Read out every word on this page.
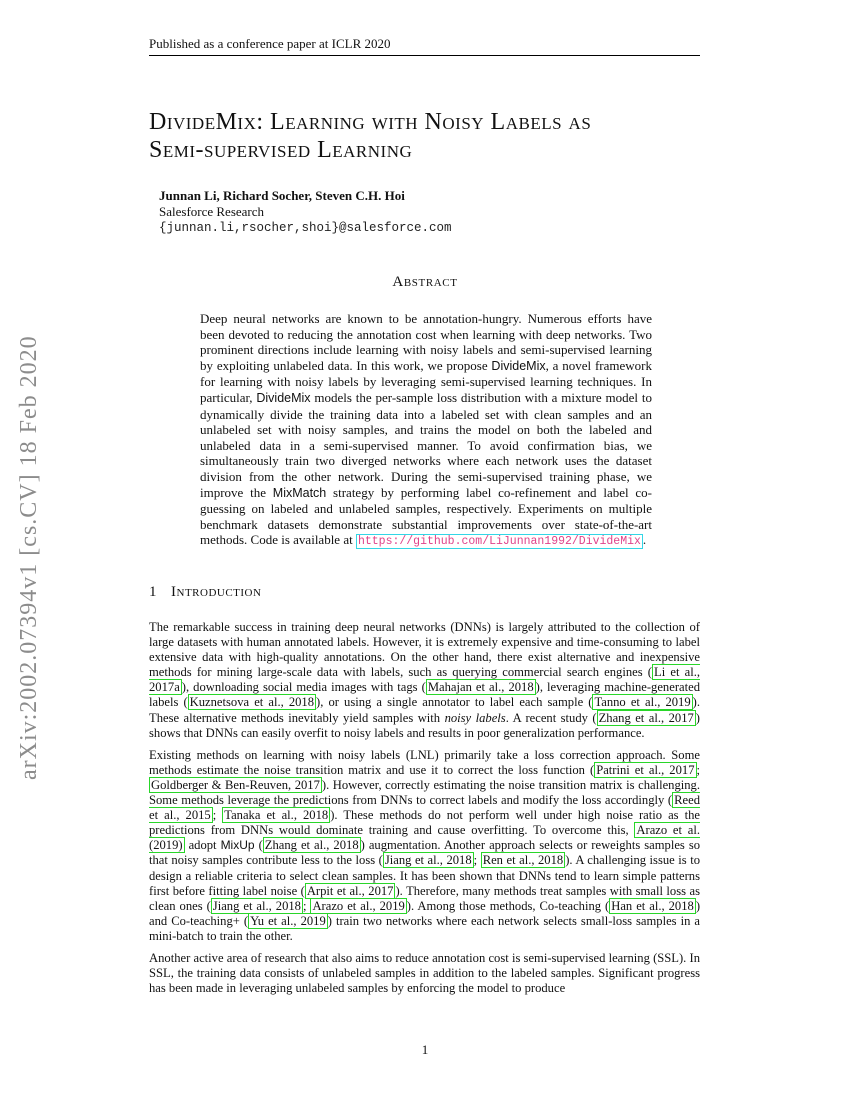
Published as a conference paper at ICLR 2020
arXiv:2002.07394v1 [cs.CV] 18 Feb 2020
DivideMix: Learning with Noisy Labels as
Semi-supervised Learning
Junnan Li, Richard Socher, Steven C.H. Hoi
Salesforce Research
{junnan.li,rsocher,shoi}@salesforce.com
Abstract
Deep neural networks are known to be annotation-hungry. Numerous efforts have been devoted to reducing the annotation cost when learning with deep networks. Two prominent directions include learning with noisy labels and semi-supervised learning by exploiting unlabeled data. In this work, we propose DivideMix, a novel framework for learning with noisy labels by leveraging semi-supervised learning techniques. In particular, DivideMix models the per-sample loss distribution with a mixture model to dynamically divide the training data into a labeled set with clean samples and an unlabeled set with noisy samples, and trains the model on both the labeled and unlabeled data in a semi-supervised manner. To avoid confirmation bias, we simultaneously train two diverged networks where each network uses the dataset division from the other network. During the semi-supervised training phase, we improve the MixMatch strategy by performing label co-refinement and label co-guessing on labeled and unlabeled samples, respectively. Experiments on multiple benchmark datasets demonstrate substantial improvements over state-of-the-art methods. Code is available at https://github.com/LiJunnan1992/DivideMix .
1 Introduction

The remarkable success in training deep neural networks (DNNs) is largely attributed to the collection of large datasets with human annotated labels. However, it is extremely expensive and time-consuming to label extensive data with high-quality annotations. On the other hand, there exist alternative and inexpensive methods for mining large-scale data with labels, such as querying commercial search engines ( Li et al., 2017a ), downloading social media images with tags ( Mahajan et al., 2018 ), leveraging machine-generated labels ( Kuznetsova et al., 2018 ), or using a single annotator to label each sample ( Tanno et al., 2019 ). These alternative methods inevitably yield samples with noisy labels. A recent study ( Zhang et al., 2017 ) shows that DNNs can easily overfit to noisy labels and results in poor generalization performance.

Existing methods on learning with noisy labels (LNL) primarily take a loss correction approach. Some methods estimate the noise transition matrix and use it to correct the loss function ( Patrini et al., 2017 ; Goldberger & Ben-Reuven, 2017 ). However, correctly estimating the noise transition matrix is challenging. Some methods leverage the predictions from DNNs to correct labels and modify the loss accordingly ( Reed et al., 2015 ; Tanaka et al., 2018 ). These methods do not perform well under high noise ratio as the predictions from DNNs would dominate training and cause overfitting. To overcome this, Arazo et al. (2019) adopt MixUp ( Zhang et al., 2018 ) augmentation. Another approach selects or reweights samples so that noisy samples contribute less to the loss ( Jiang et al., 2018 ; Ren et al., 2018 ). A challenging issue is to design a reliable criteria to select clean samples. It has been shown that DNNs tend to learn simple patterns first before fitting label noise ( Arpit et al., 2017 ). Therefore, many methods treat samples with small loss as clean ones ( Jiang et al., 2018 ; Arazo et al., 2019 ). Among those methods, Co-teaching ( Han et al., 2018 ) and Co-teaching+ ( Yu et al., 2019 ) train two networks where each network selects small-loss samples in a mini-batch to train the other.

Another active area of research that also aims to reduce annotation cost is semi-supervised learning (SSL). In SSL, the training data consists of unlabeled samples in addition to the labeled samples. Significant progress has been made in leveraging unlabeled samples by enforcing the model to produce

1
